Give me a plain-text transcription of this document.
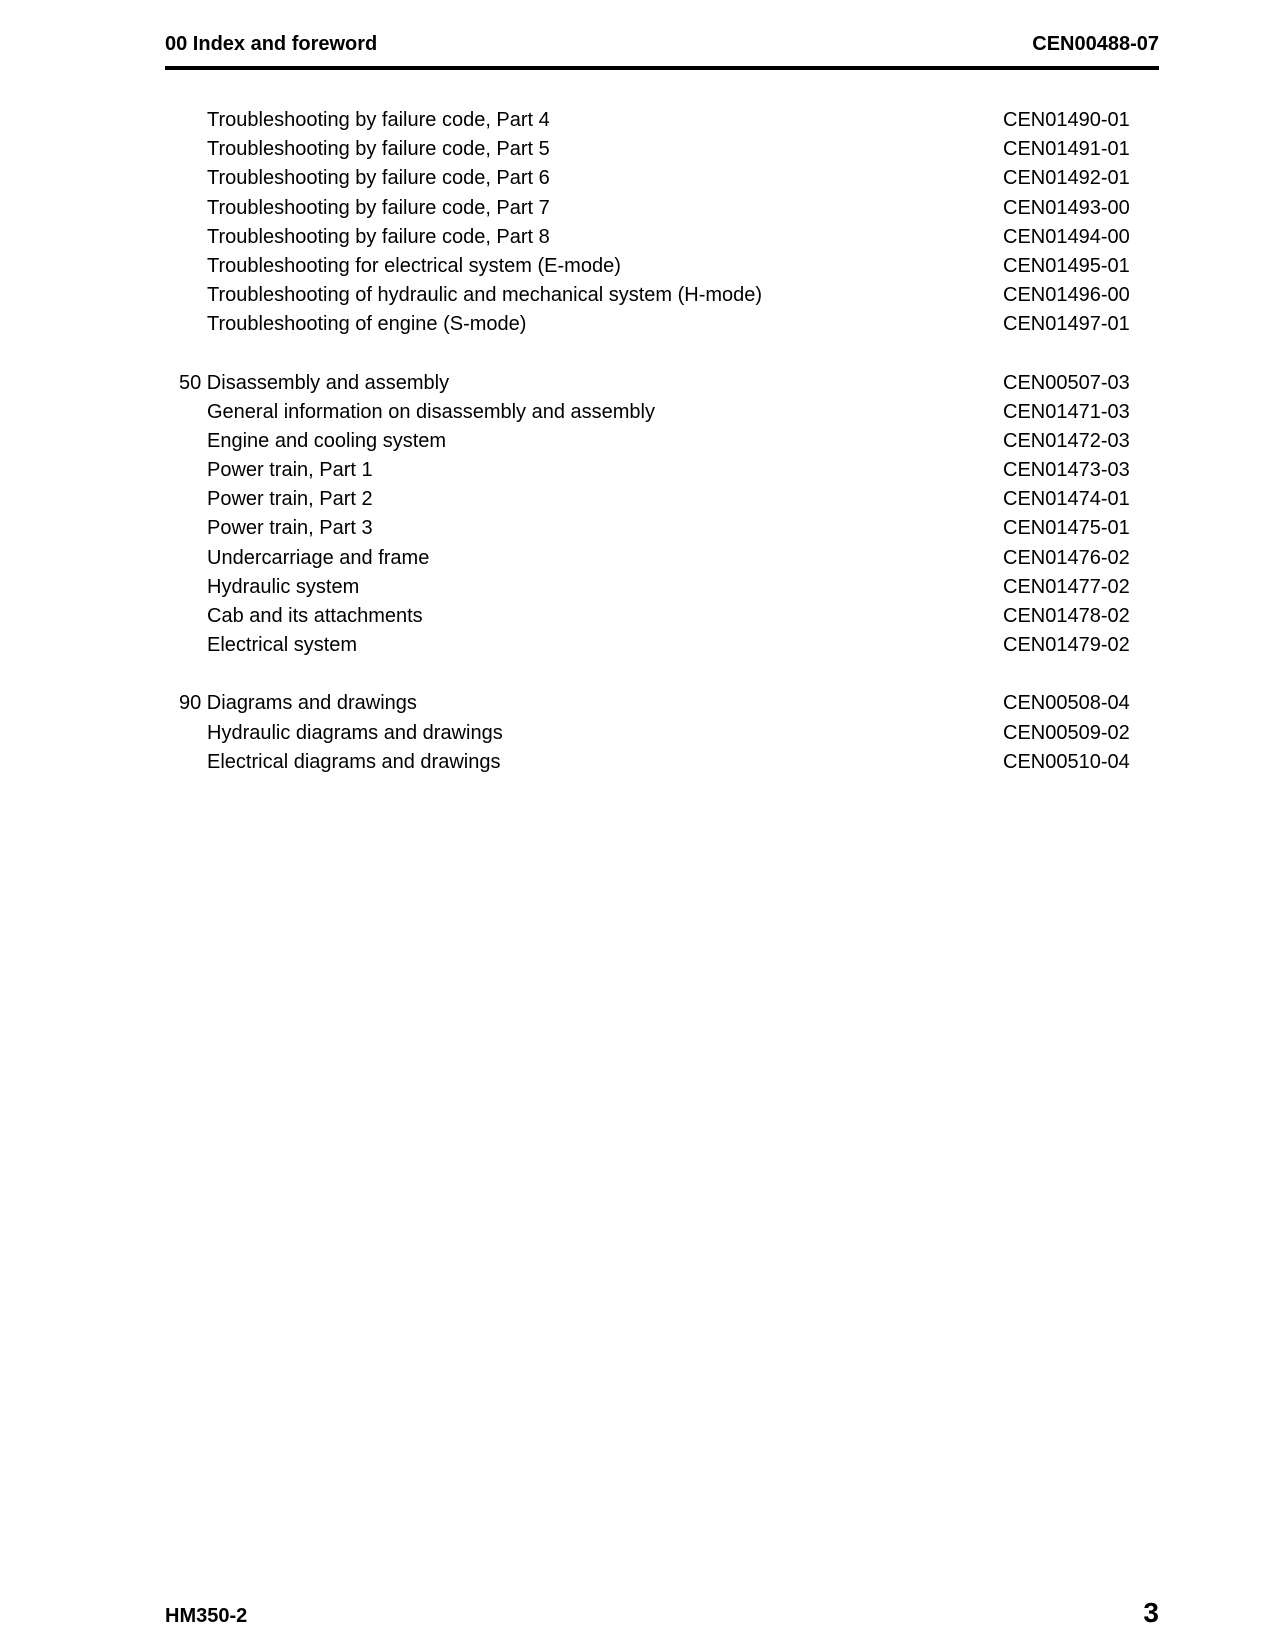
00 Index and foreword	CEN00488-07
Troubleshooting by failure code, Part 4	CEN01490-01
Troubleshooting by failure code, Part 5	CEN01491-01
Troubleshooting by failure code, Part 6	CEN01492-01
Troubleshooting by failure code, Part 7	CEN01493-00
Troubleshooting by failure code, Part 8	CEN01494-00
Troubleshooting for electrical system (E-mode)	CEN01495-01
Troubleshooting of hydraulic and mechanical system (H-mode)	CEN01496-00
Troubleshooting of engine (S-mode)	CEN01497-01
50 Disassembly and assembly	CEN00507-03
General information on disassembly and assembly	CEN01471-03
Engine and cooling system	CEN01472-03
Power train, Part 1	CEN01473-03
Power train, Part 2	CEN01474-01
Power train, Part 3	CEN01475-01
Undercarriage and frame	CEN01476-02
Hydraulic system	CEN01477-02
Cab and its attachments	CEN01478-02
Electrical system	CEN01479-02
90 Diagrams and drawings	CEN00508-04
Hydraulic diagrams and drawings	CEN00509-02
Electrical diagrams and drawings	CEN00510-04
HM350-2	3
